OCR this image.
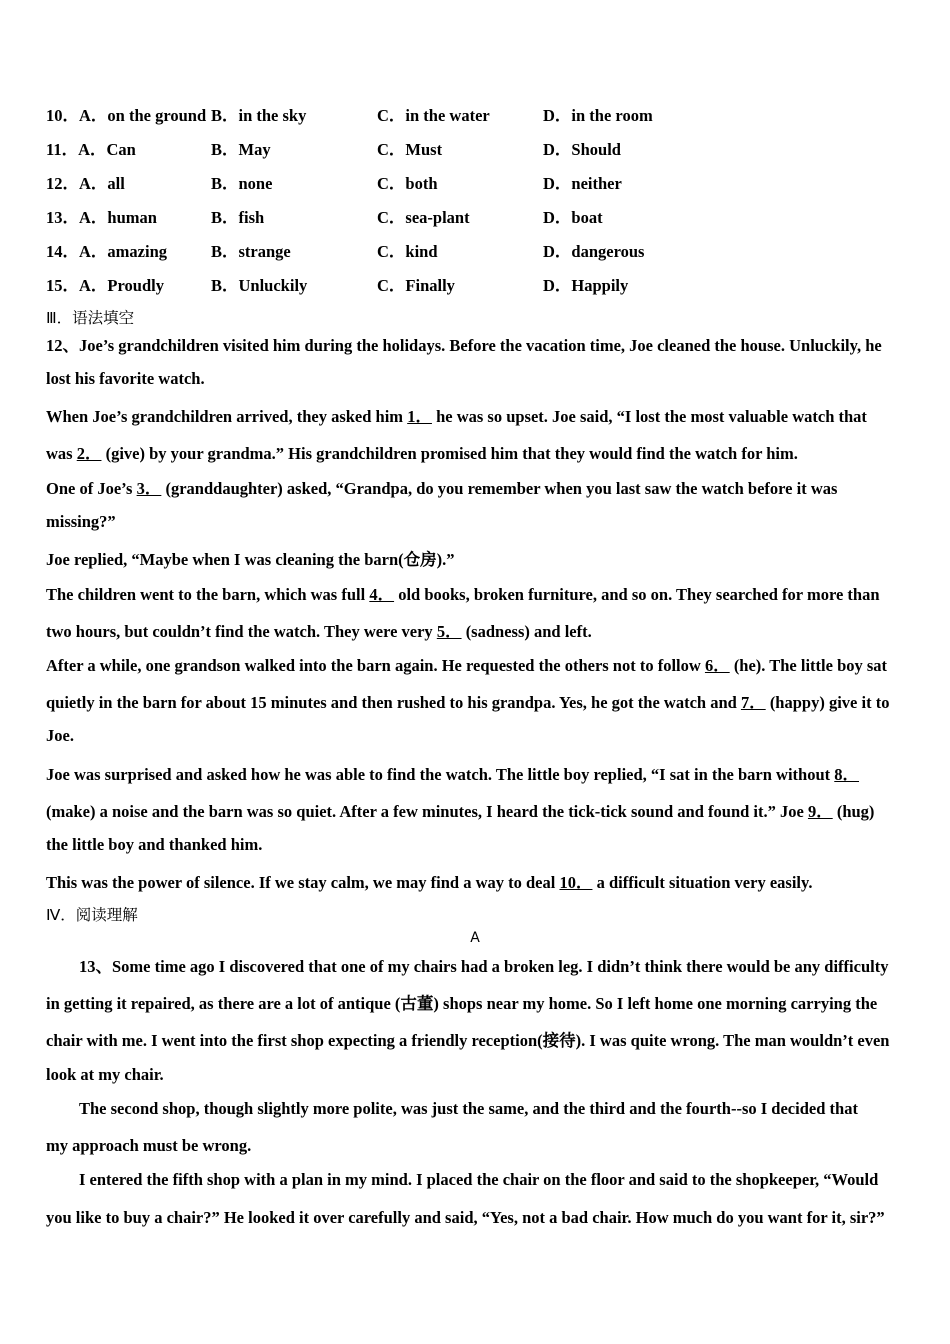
10．A．on the ground B．in the sky	C．in the water	D．in the room
11．A．Can	B．May	C．Must	D．Should
12．A．all	B．none	C．both	D．neither
13．A．human	B．fish	C．sea-plant	D．boat
14．A．amazing	B．strange	C．kind	D．dangerous
15．A．Proudly	B．Unluckily	C．Finally	D．Happily
Ⅲ．语法填空
12、Joe’s grandchildren visited him during the holidays. Before the vacation time, Joe cleaned the house. Unluckily, he
lost his favorite watch.
When Joe’s grandchildren arrived, they asked him 1． he was so upset. Joe said, “I lost the most valuable watch that
was 2． (give) by your grandma.” His grandchildren promised him that they would find the watch for him.
One of Joe’s 3． (granddaughter) asked, “Grandpa, do you remember when you last saw the watch before it was
missing?”
Joe replied, “Maybe when I was cleaning the barn(仓房).”
The children went to the barn, which was full 4． old books, broken furniture, and so on. They searched for more than
two hours, but couldn’t find the watch. They were very 5． (sadness) and left.
After a while, one grandson walked into the barn again. He requested the others not to follow 6． (he). The little boy sat
quietly in the barn for about 15 minutes and then rushed to his grandpa. Yes, he got the watch and 7． (happy) give it to
Joe.
Joe was surprised and asked how he was able to find the watch. The little boy replied, “I sat in the barn without 8．
(make) a noise and the barn was so quiet. After a few minutes, I heard the tick-tick sound and found it.” Joe 9． (hug)
the little boy and thanked him.
This was the power of silence. If we stay calm, we may find a way to deal 10． a difficult situation very easily.
Ⅳ．阅读理解
A
13、Some time ago I discovered that one of my chairs had a broken leg. I didn’t think there would be any difficulty
in getting it repaired, as there are a lot of antique (古董) shops near my home. So I left home one morning carrying the
chair with me. I went into the first shop expecting a friendly reception(接待). I was quite wrong. The man wouldn’t even
look at my chair.
The second shop, though slightly more polite, was just the same, and the third and the fourth--so I decided that
my approach must be wrong.
I entered the fifth shop with a plan in my mind. I placed the chair on the floor and said to the shopkeeper, “Would
you like to buy a chair?” He looked it over carefully and said, “Yes, not a bad chair. How much do you want for it, sir?”
